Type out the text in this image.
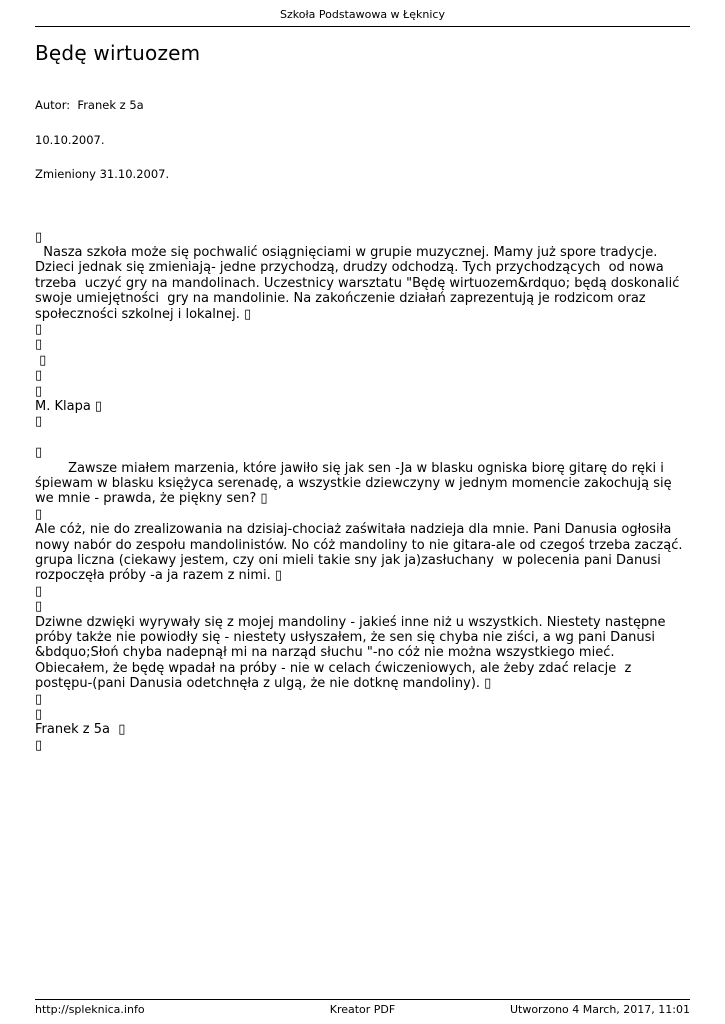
Szkoła Podstawowa w Łęknicy
Będę wirtuozem

Autor:  Franek z 5a

10.10.2007.

Zmieniony 31.10.2007.

▯
Nasza szkoła może się pochwalić osiągnięciami w grupie muzycznej. Mamy już spore tradycje.  Dzieci jednak się zmieniają- jedne przychodzą, drudzy odchodzą. Tych przychodzących  od nowa trzeba  uczyć gry na mandolinach. Uczestnicy warsztatu "Będę wirtuozem&rdquo; będą doskonalić swoje umiejętności  gry na mandolinie. Na zakończenie działań zaprezentują je rodzicom oraz społeczności szkolnej i lokalnej. ▯
▯
▯
▯
▯
▯
M. Klapa ▯
▯
▯
Zawsze miałem marzenia, które jawiło się jak sen -Ja w blasku ogniska biorę gitarę do ręki i śpiewam w blasku księżyca serenadę, a wszystkie dziewczyny w jednym momencie zakochują się we mnie - prawda, że piękny sen? ▯
▯
Ale cóż, nie do zrealizowania na dzisiaj-chociaż zaświtała nadzieja dla mnie. Pani Danusia ogłosiła nowy nabór do zespołu mandolinistów. No cóż mandoliny to nie gitara-ale od czegoś trzeba zacząć. grupa liczna (ciekawy jestem, czy oni mieli takie sny jak ja)zasłuchany  w polecenia pani Danusi rozpoczęła próby -a ja razem z nimi. ▯
▯
▯
Dziwne dzwięki wyrywały się z mojej mandoliny - jakieś inne niż u wszystkich. Niestety następne próby także nie powiodły się - niestety usłyszałem, że sen się chyba nie ziści, a wg pani Danusi &bdquo;Słoń chyba nadepnął mi na narząd słuchu "-no cóż nie można wszystkiego mieć. Obiecałem, że będę wpadał na próby - nie w celach ćwiczeniowych, ale żeby zdać relacje  z postępu-(pani Danusia odetchnęła z ulgą, że nie dotknę mandoliny). ▯
▯
▯
Franek z 5a  ▯
▯
http://spleknica.info	Kreator PDF	Utworzono 4 March, 2017, 11:01
